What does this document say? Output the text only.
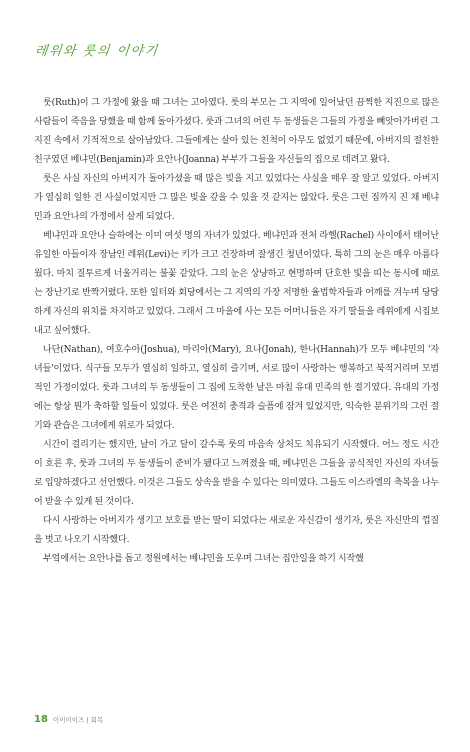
레위와 룻의 이야기

룻(Ruth)이 그 가정에 왔을 때 그녀는 고아였다. 룻의 부모는 그 지역에 일어났던 끔찍한 지진으로 많은 사람들이 죽음을 당했을 때 함께 돌아가셨다. 룻과 그녀의 어린 두 동생들은 그들의 가정을 빼앗아가버린 그 지진 속에서 기적적으로 살아남았다. 그들에게는 살아 있는 친척이 아무도 없었기 때문에, 아버지의 절친한 친구였던 베냐민(Benjamin)과 요안나(Joanna) 부부가 그들을 자신들의 집으로 데려고 왔다.

룻은 사실 자신의 아버지가 돌아가셨을 때 많은 빚을 지고 있었다는 사실을 매우 잘 알고 있었다. 아버지가 열심히 일한 건 사실이었지만 그 많은 빚을 갚을 수 있을 것 같지는 않았다. 룻은 그런 짐까지 진 채 베냐민과 요안나의 가정에서 살게 되었다.

베냐민과 요안나 슬하에는 이미 여섯 명의 자녀가 있었다. 베냐민과 전처 라헬(Rachel) 사이에서 태어난 유일한 아들이자 장남인 레위(Levi)는 키가 크고 건장하며 잘생긴 청년이었다. 특히 그의 눈은 매우 아름다웠다. 마치 질투르게 너울거리는 불꽃 같았다. 그의 눈은 상냥하고 현명하며 단호한 빛을 띠는 동시에 때로는 장난기로 반짝거렸다. 또한 일터와 회당에서는 그 지역의 가장 저명한 율법학자들과 어깨를 겨누며 당당하게 자신의 위치를 차지하고 있었다. 그래서 그 마을에 사는 모든 어머니들은 자기 딸들을 레위에게 시집보내고 싶어했다.

나단(Nathan), 여호수아(Joshua), 마리아(Mary), 요나(Jonah), 한나(Hannah)가 모두 베냐민의 '자녀들'이었다. 식구들 모두가 열심히 일하고, 열심히 즐기며, 서로 많이 사랑하는 행복하고 북적거리며 모범적인 가정이었다. 룻과 그녀의 두 동생들이 그 집에 도착한 날은 마침 유대 민족의 한 절기였다. 유대의 가정에는 항상 뭔가 축하할 일들이 있었다. 룻은 여전히 충격과 슬픔에 잠겨 있었지만, 익숙한 분위기의 그런 절기와 관습은 그녀에게 위로가 되었다.

시간이 걸리기는 했지만, 날이 가고 달이 갈수록 룻의 마음속 상처도 치유되기 시작했다. 어느 정도 시간이 흐른 후, 룻과 그녀의 두 동생들이 준비가 됐다고 느껴졌을 때, 베냐민은 그들을 공식적인 자신의 자녀들로 입양하겠다고 선언했다. 이것은 그들도 상속을 받을 수 있다는 의미였다. 그들도 이스라엘의 축복을 나누어 받을 수 있게 된 것이다.

다시 사랑하는 아버지가 생기고 보호를 받는 딸이 되었다는 새로운 자신감이 생기자, 룻은 자신만의 껍질을 벗고 나오기 시작했다.

부엌에서는 요안나를 돕고 정원에서는 베냐민을 도우며 그녀는 집안일을 하기 시작했

18 이이이이즈 | 회복
